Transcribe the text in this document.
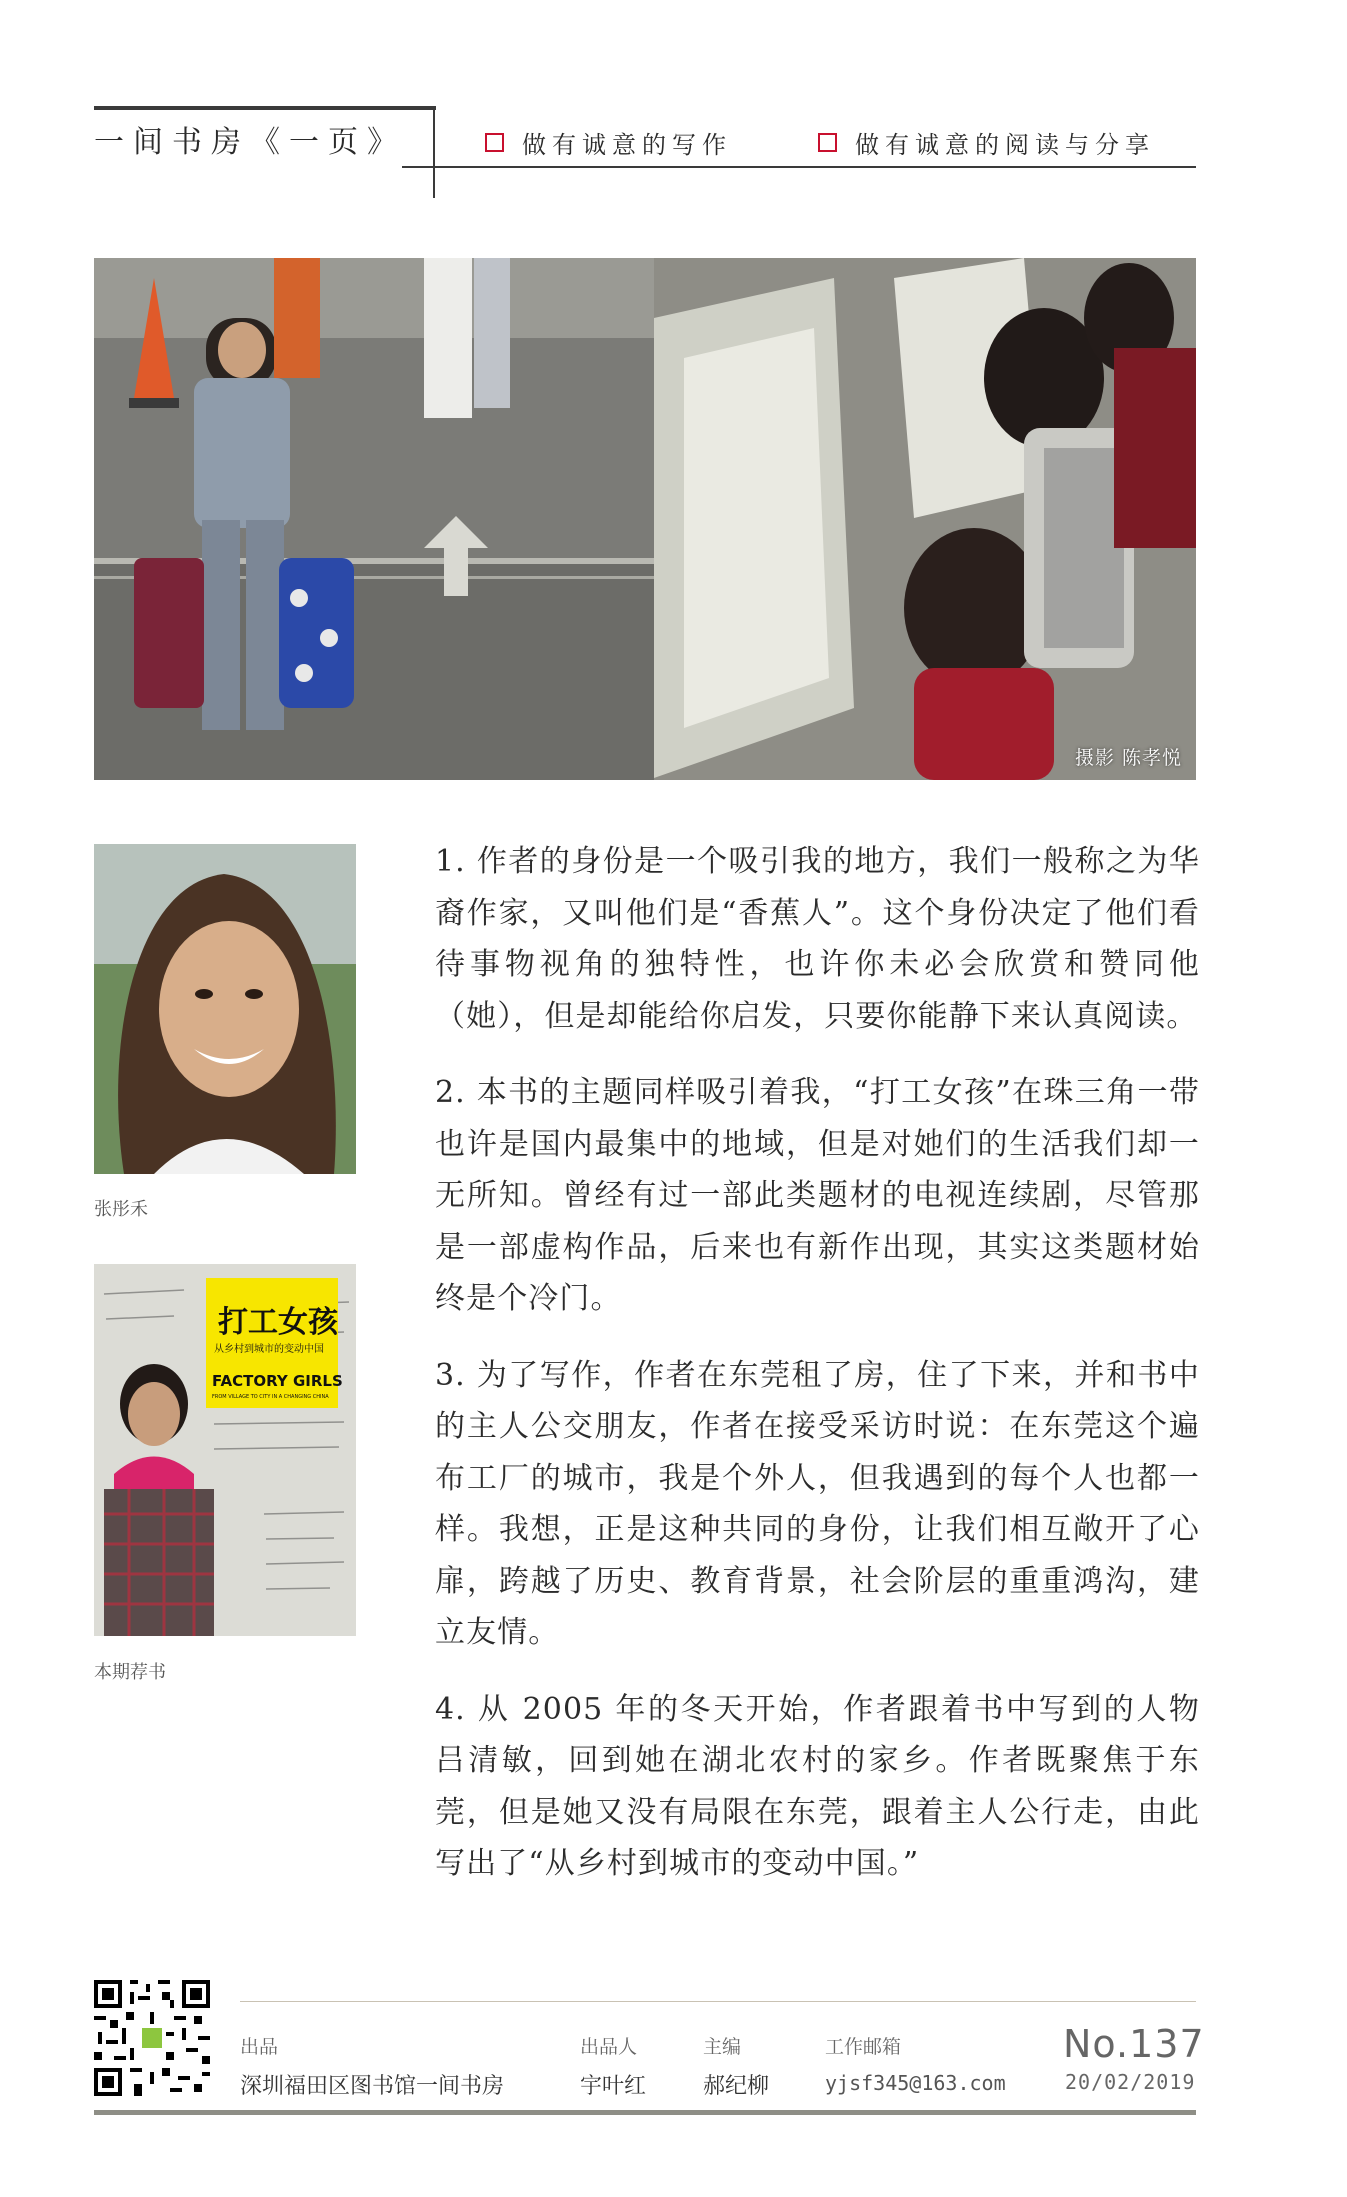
一间书房《一页》	做有诚意的写作	做有诚意的阅读与分享
摄影 陈孝悦
张彤禾
打工女孩
从乡村到城市的变动中国
FACTORY GIRLS
FROM VILLAGE TO CITY IN A CHANGING CHINA
本期荐书

1. 作者的身份是一个吸引我的地方，我们一般称之为华裔作家，又叫他们是“香蕉人”。这个身份决定了他们看待事物视角的独特性，也许你未必会欣赏和赞同他（她），但是却能给你启发，只要你能静下来认真阅读。

2. 本书的主题同样吸引着我，“打工女孩”在珠三角一带也许是国内最集中的地域，但是对她们的生活我们却一无所知。曾经有过一部此类题材的电视连续剧，尽管那是一部虚构作品，后来也有新作出现，其实这类题材始终是个冷门。

3. 为了写作，作者在东莞租了房，住了下来，并和书中的主人公交朋友，作者在接受采访时说：在东莞这个遍布工厂的城市，我是个外人，但我遇到的每个人也都一样。我想，正是这种共同的身份，让我们相互敞开了心扉，跨越了历史、教育背景，社会阶层的重重鸿沟，建立友情。

4. 从 2005 年的冬天开始，作者跟着书中写到的人物吕清敏，回到她在湖北农村的家乡。作者既聚焦于东莞，但是她又没有局限在东莞，跟着主人公行走，由此写出了“从乡村到城市的变动中国。”

出品
深圳福田区图书馆一间书房
出品人
宇叶红
主编
郝纪柳
工作邮箱
yjsf345@163.com
No.137
20/02/2019
